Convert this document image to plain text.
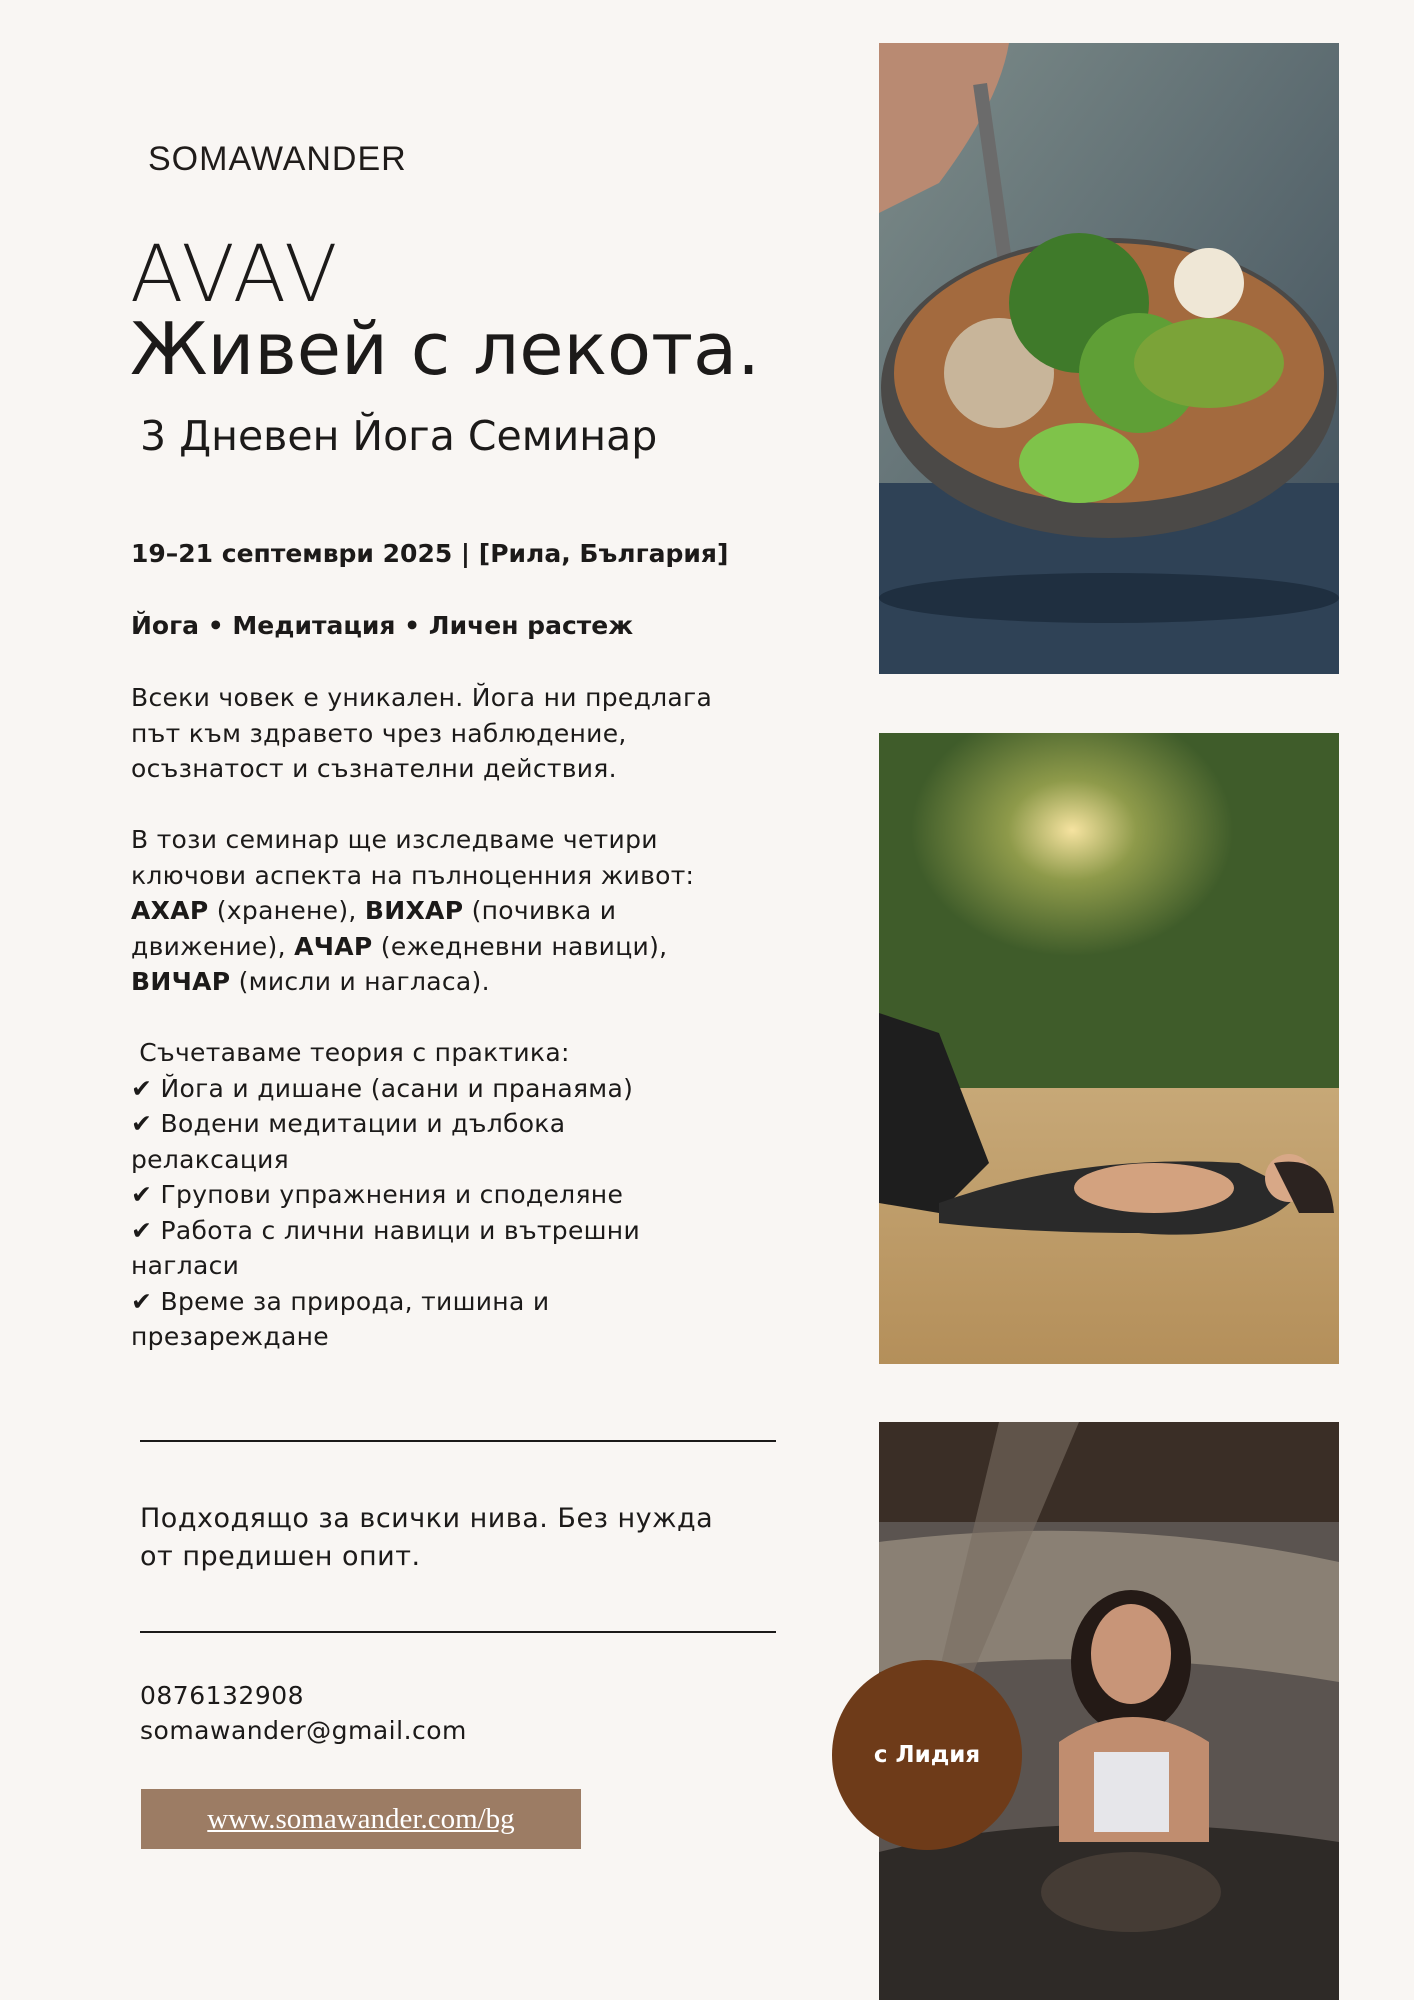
SOMAWANDER
AVAV
Живей с лекота.
3 Дневен Йога Семинар
19–21 септември 2025 | [Рила, България]
Йога • Медитация • Личен растеж
Всеки човек е уникален. Йога ни предлага
път към здравето чрез наблюдение,
осъзнатост и съзнателни действия.
В този семинар ще изследваме четири
ключови аспекта на пълноценния живот:
АХАР (хранене), ВИХАР (почивка и
движение), АЧАР (ежедневни навици),
ВИЧАР (мисли и нагласа).
Съчетаваме теория с практика:
✔ Йога и дишане (асани и пранаяма)
✔ Водени медитации и дълбока
релаксация
✔ Групови упражнения и споделяне
✔ Работа с лични навици и вътрешни
нагласи
✔ Време за природа, тишина и
презареждане
Подходящо за всички нива. Без нужда
от предишен опит.
0876132908
somawander@gmail.com
www.somawander.com/bg
с Лидия
